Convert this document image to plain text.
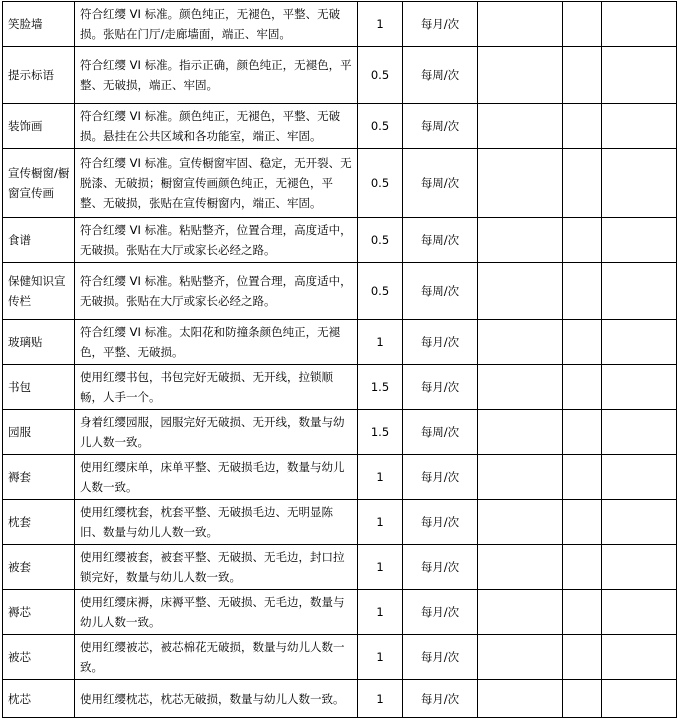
笑脸墙	符合红缨 VI 标准。颜色纯正，无褪色，平整、无破损。张贴在门厅/走廊墙面，端正、牢固。	1	每月/次			
提示标语	符合红缨 VI 标准。指示正确，颜色纯正，无褪色，平整、无破损，端正、牢固。	0.5	每周/次			
装饰画	符合红缨 VI 标准。颜色纯正，无褪色，平整、无破损。悬挂在公共区域和各功能室，端正、牢固。	0.5	每周/次			
宣传橱窗/橱窗宣传画	符合红缨 VI 标准。宣传橱窗牢固、稳定，无开裂、无脱漆、无破损；橱窗宣传画颜色纯正，无褪色，平整、无破损，张贴在宣传橱窗内，端正、牢固。	0.5	每周/次			
食谱	符合红缨 VI 标准。粘贴整齐，位置合理，高度适中，无破损。张贴在大厅或家长必经之路。	0.5	每周/次			
保健知识宣传栏	符合红缨 VI 标准。粘贴整齐，位置合理，高度适中，无破损。张贴在大厅或家长必经之路。	0.5	每周/次			
玻璃贴	符合红缨 VI 标准。太阳花和防撞条颜色纯正，无褪色，平整、无破损。	1	每月/次			
书包	使用红缨书包，书包完好无破损、无开线，拉锁顺畅，人手一个。	1.5	每月/次			
园服	身着红缨园服，园服完好无破损、无开线，数量与幼儿人数一致。	1.5	每周/次			
褥套	使用红缨床单，床单平整、无破损毛边，数量与幼儿人数一致。	1	每月/次			
枕套	使用红缨枕套，枕套平整、无破损毛边、无明显陈旧、数量与幼儿人数一致。	1	每月/次			
被套	使用红缨被套，被套平整、无破损、无毛边，封口拉锁完好，数量与幼儿人数一致。	1	每月/次			
褥芯	使用红缨床褥，床褥平整、无破损、无毛边，数量与幼儿人数一致。	1	每月/次			
被芯	使用红缨被芯，被芯棉花无破损，数量与幼儿人数一致。	1	每月/次			
枕芯	使用红缨枕芯，枕芯无破损，数量与幼儿人数一致。	1	每月/次			
